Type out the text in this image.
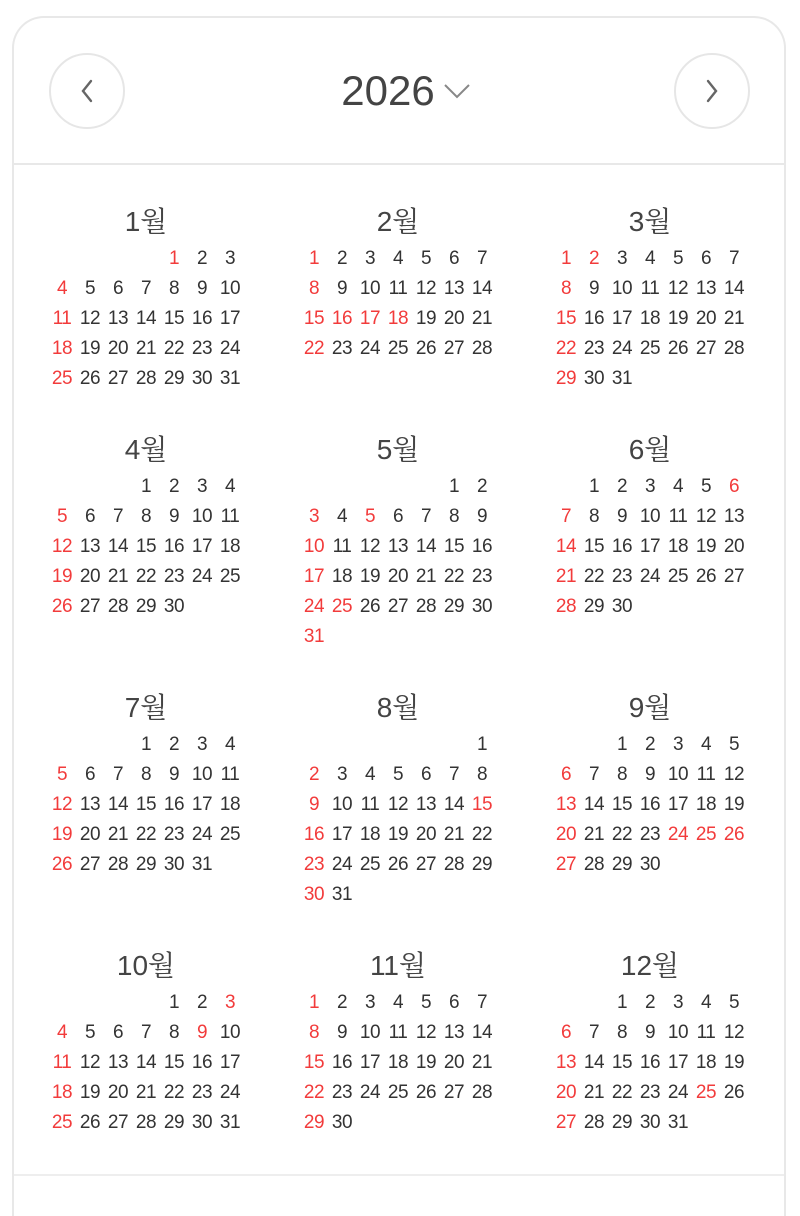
2026
1월
1 2 3
4 5 6 7 8 9 10
11 12 13 14 15 16 17
18 19 20 21 22 23 24
25 26 27 28 29 30 31
2월
1 2 3 4 5 6 7
8 9 10 11 12 13 14
15 16 17 18 19 20 21
22 23 24 25 26 27 28
3월
1 2 3 4 5 6 7
8 9 10 11 12 13 14
15 16 17 18 19 20 21
22 23 24 25 26 27 28
29 30 31
4월
1 2 3 4
5 6 7 8 9 10 11
12 13 14 15 16 17 18
19 20 21 22 23 24 25
26 27 28 29 30
5월
1 2
3 4 5 6 7 8 9
10 11 12 13 14 15 16
17 18 19 20 21 22 23
24 25 26 27 28 29 30
31
6월
1 2 3 4 5 6
7 8 9 10 11 12 13
14 15 16 17 18 19 20
21 22 23 24 25 26 27
28 29 30
7월
1 2 3 4
5 6 7 8 9 10 11
12 13 14 15 16 17 18
19 20 21 22 23 24 25
26 27 28 29 30 31
8월
1
2 3 4 5 6 7 8
9 10 11 12 13 14 15
16 17 18 19 20 21 22
23 24 25 26 27 28 29
30 31
9월
1 2 3 4 5
6 7 8 9 10 11 12
13 14 15 16 17 18 19
20 21 22 23 24 25 26
27 28 29 30
10월
1 2 3
4 5 6 7 8 9 10
11 12 13 14 15 16 17
18 19 20 21 22 23 24
25 26 27 28 29 30 31
11월
1 2 3 4 5 6 7
8 9 10 11 12 13 14
15 16 17 18 19 20 21
22 23 24 25 26 27 28
29 30
12월
1 2 3 4 5
6 7 8 9 10 11 12
13 14 15 16 17 18 19
20 21 22 23 24 25 26
27 28 29 30 31
